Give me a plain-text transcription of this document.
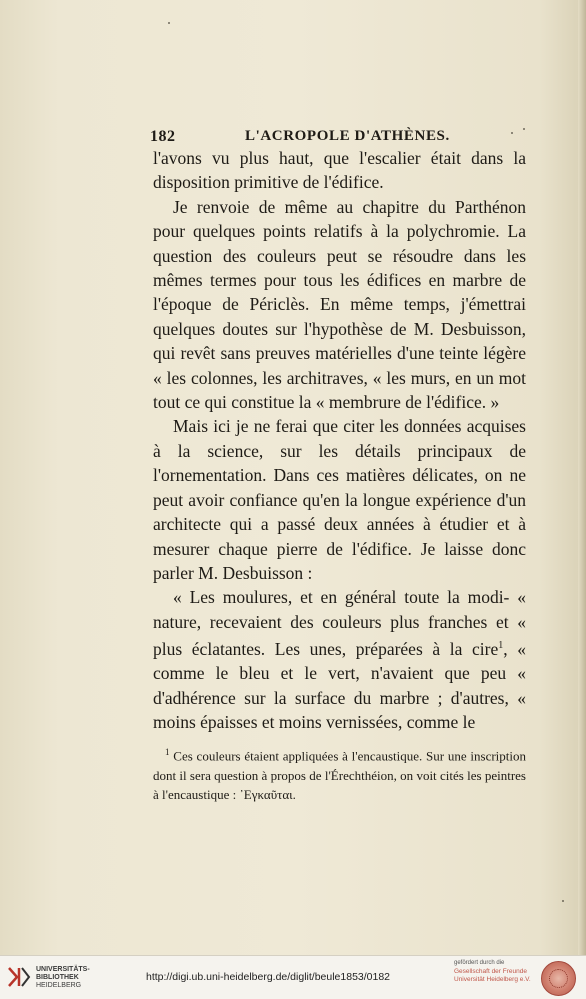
182	L'ACROPOLE D'ATHÈNES.

l'avons vu plus haut, que l'escalier était dans la disposition primitive de l'édifice.

Je renvoie de même au chapitre du Parthénon pour quelques points relatifs à la polychromie. La question des couleurs peut se résoudre dans les mêmes termes pour tous les édifices en marbre de l'époque de Périclès. En même temps, j'émettrai quelques doutes sur l'hypothèse de M. Desbuisson, qui revêt sans preuves matérielles d'une teinte légère « les colonnes, les architraves, « les murs, en un mot tout ce qui constitue la « membrure de l'édifice. »

Mais ici je ne ferai que citer les données acquises à la science, sur les détails principaux de l'ornementation. Dans ces matières délicates, on ne peut avoir confiance qu'en la longue expérience d'un architecte qui a passé deux années à étudier et à mesurer chaque pierre de l'édifice. Je laisse donc parler M. Desbuisson :

« Les moulures, et en général toute la modi- « nature, recevaient des couleurs plus franches et « plus éclatantes. Les unes, préparées à la cire$^1$, « comme le bleu et le vert, n'avaient que peu « d'adhérence sur la surface du marbre ; d'autres, « moins épaisses et moins vernissées, comme le

$^1$ Ces couleurs étaient appliquées à l'encaustique. Sur une inscription dont il sera question à propos de l'Érechthéion, on voit cités les peintres à l'encaustique : ᾿Εγκαῦται.

UNIVERSITÄTS-
BIBLIOTHEK
HEIDELBERG
http://digi.ub.uni-heidelberg.de/diglit/beule1853/0182
gefördert durch die
Gesellschaft der Freunde
Universität Heidelberg e.V.
